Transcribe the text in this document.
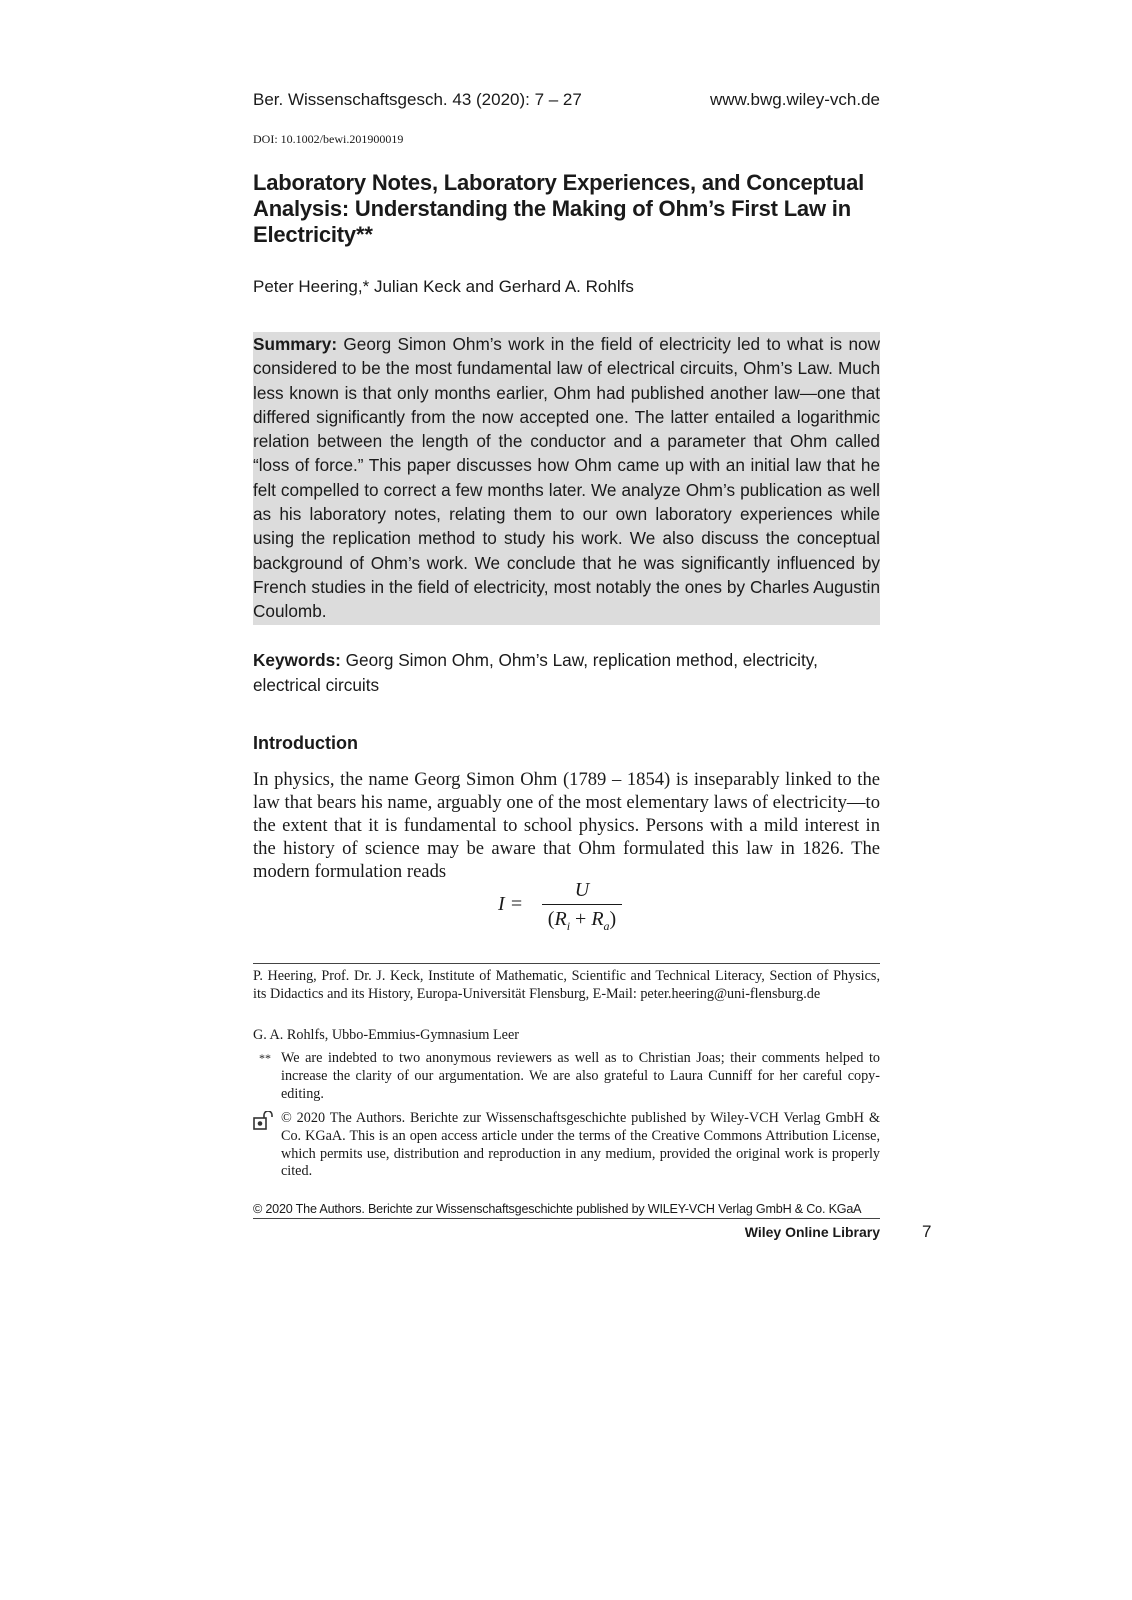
Ber. Wissenschaftsgesch. 43 (2020): 7 – 27	www.bwg.wiley-vch.de
DOI: 10.1002/bewi.201900019
Laboratory Notes, Laboratory Experiences, and Conceptual Analysis: Understanding the Making of Ohm’s First Law in Electricity**
Peter Heering,* Julian Keck and Gerhard A. Rohlfs
Summary: Georg Simon Ohm’s work in the field of electricity led to what is now considered to be the most fundamental law of electrical circuits, Ohm’s Law. Much less known is that only months earlier, Ohm had published another law—one that differed significantly from the now accepted one. The latter entailed a logarithmic relation between the length of the conductor and a parameter that Ohm called “loss of force.” This paper discusses how Ohm came up with an initial law that he felt compelled to correct a few months later. We analyze Ohm’s publication as well as his laboratory notes, relating them to our own laboratory experiences while using the replication method to study his work. We also discuss the conceptual background of Ohm’s work. We conclude that he was significantly influenced by French studies in the field of electricity, most notably the ones by Charles Augustin Coulomb.
Keywords: Georg Simon Ohm, Ohm’s Law, replication method, electricity, electrical circuits
Introduction
In physics, the name Georg Simon Ohm (1789 – 1854) is inseparably linked to the law that bears his name, arguably one of the most elementary laws of electricity—to the extent that it is fundamental to school physics. Persons with a mild interest in the history of science may be aware that Ohm formulated this law in 1826. The modern formulation reads
I =
U
$(R_i + R_a)$
P. Heering, Prof. Dr. J. Keck, Institute of Mathematic, Scientific and Technical Literacy, Section of Physics, its Didactics and its History, Europa-Universität Flensburg, E-Mail: peter.heering@uni-flensburg.de
G. A. Rohlfs, Ubbo-Emmius-Gymnasium Leer
** We are indebted to two anonymous reviewers as well as to Christian Joas; their comments helped to increase the clarity of our argumentation. We are also grateful to Laura Cunniff for her careful copy-editing.
© 2020 The Authors. Berichte zur Wissenschaftsgeschichte published by Wiley-VCH Verlag GmbH & Co. KGaA. This is an open access article under the terms of the Creative Commons Attribution License, which permits use, distribution and reproduction in any medium, provided the original work is properly cited.
© 2020 The Authors. Berichte zur Wissenschaftsgeschichte published by WILEY-VCH Verlag GmbH & Co. KGaA
Wiley Online Library 7
